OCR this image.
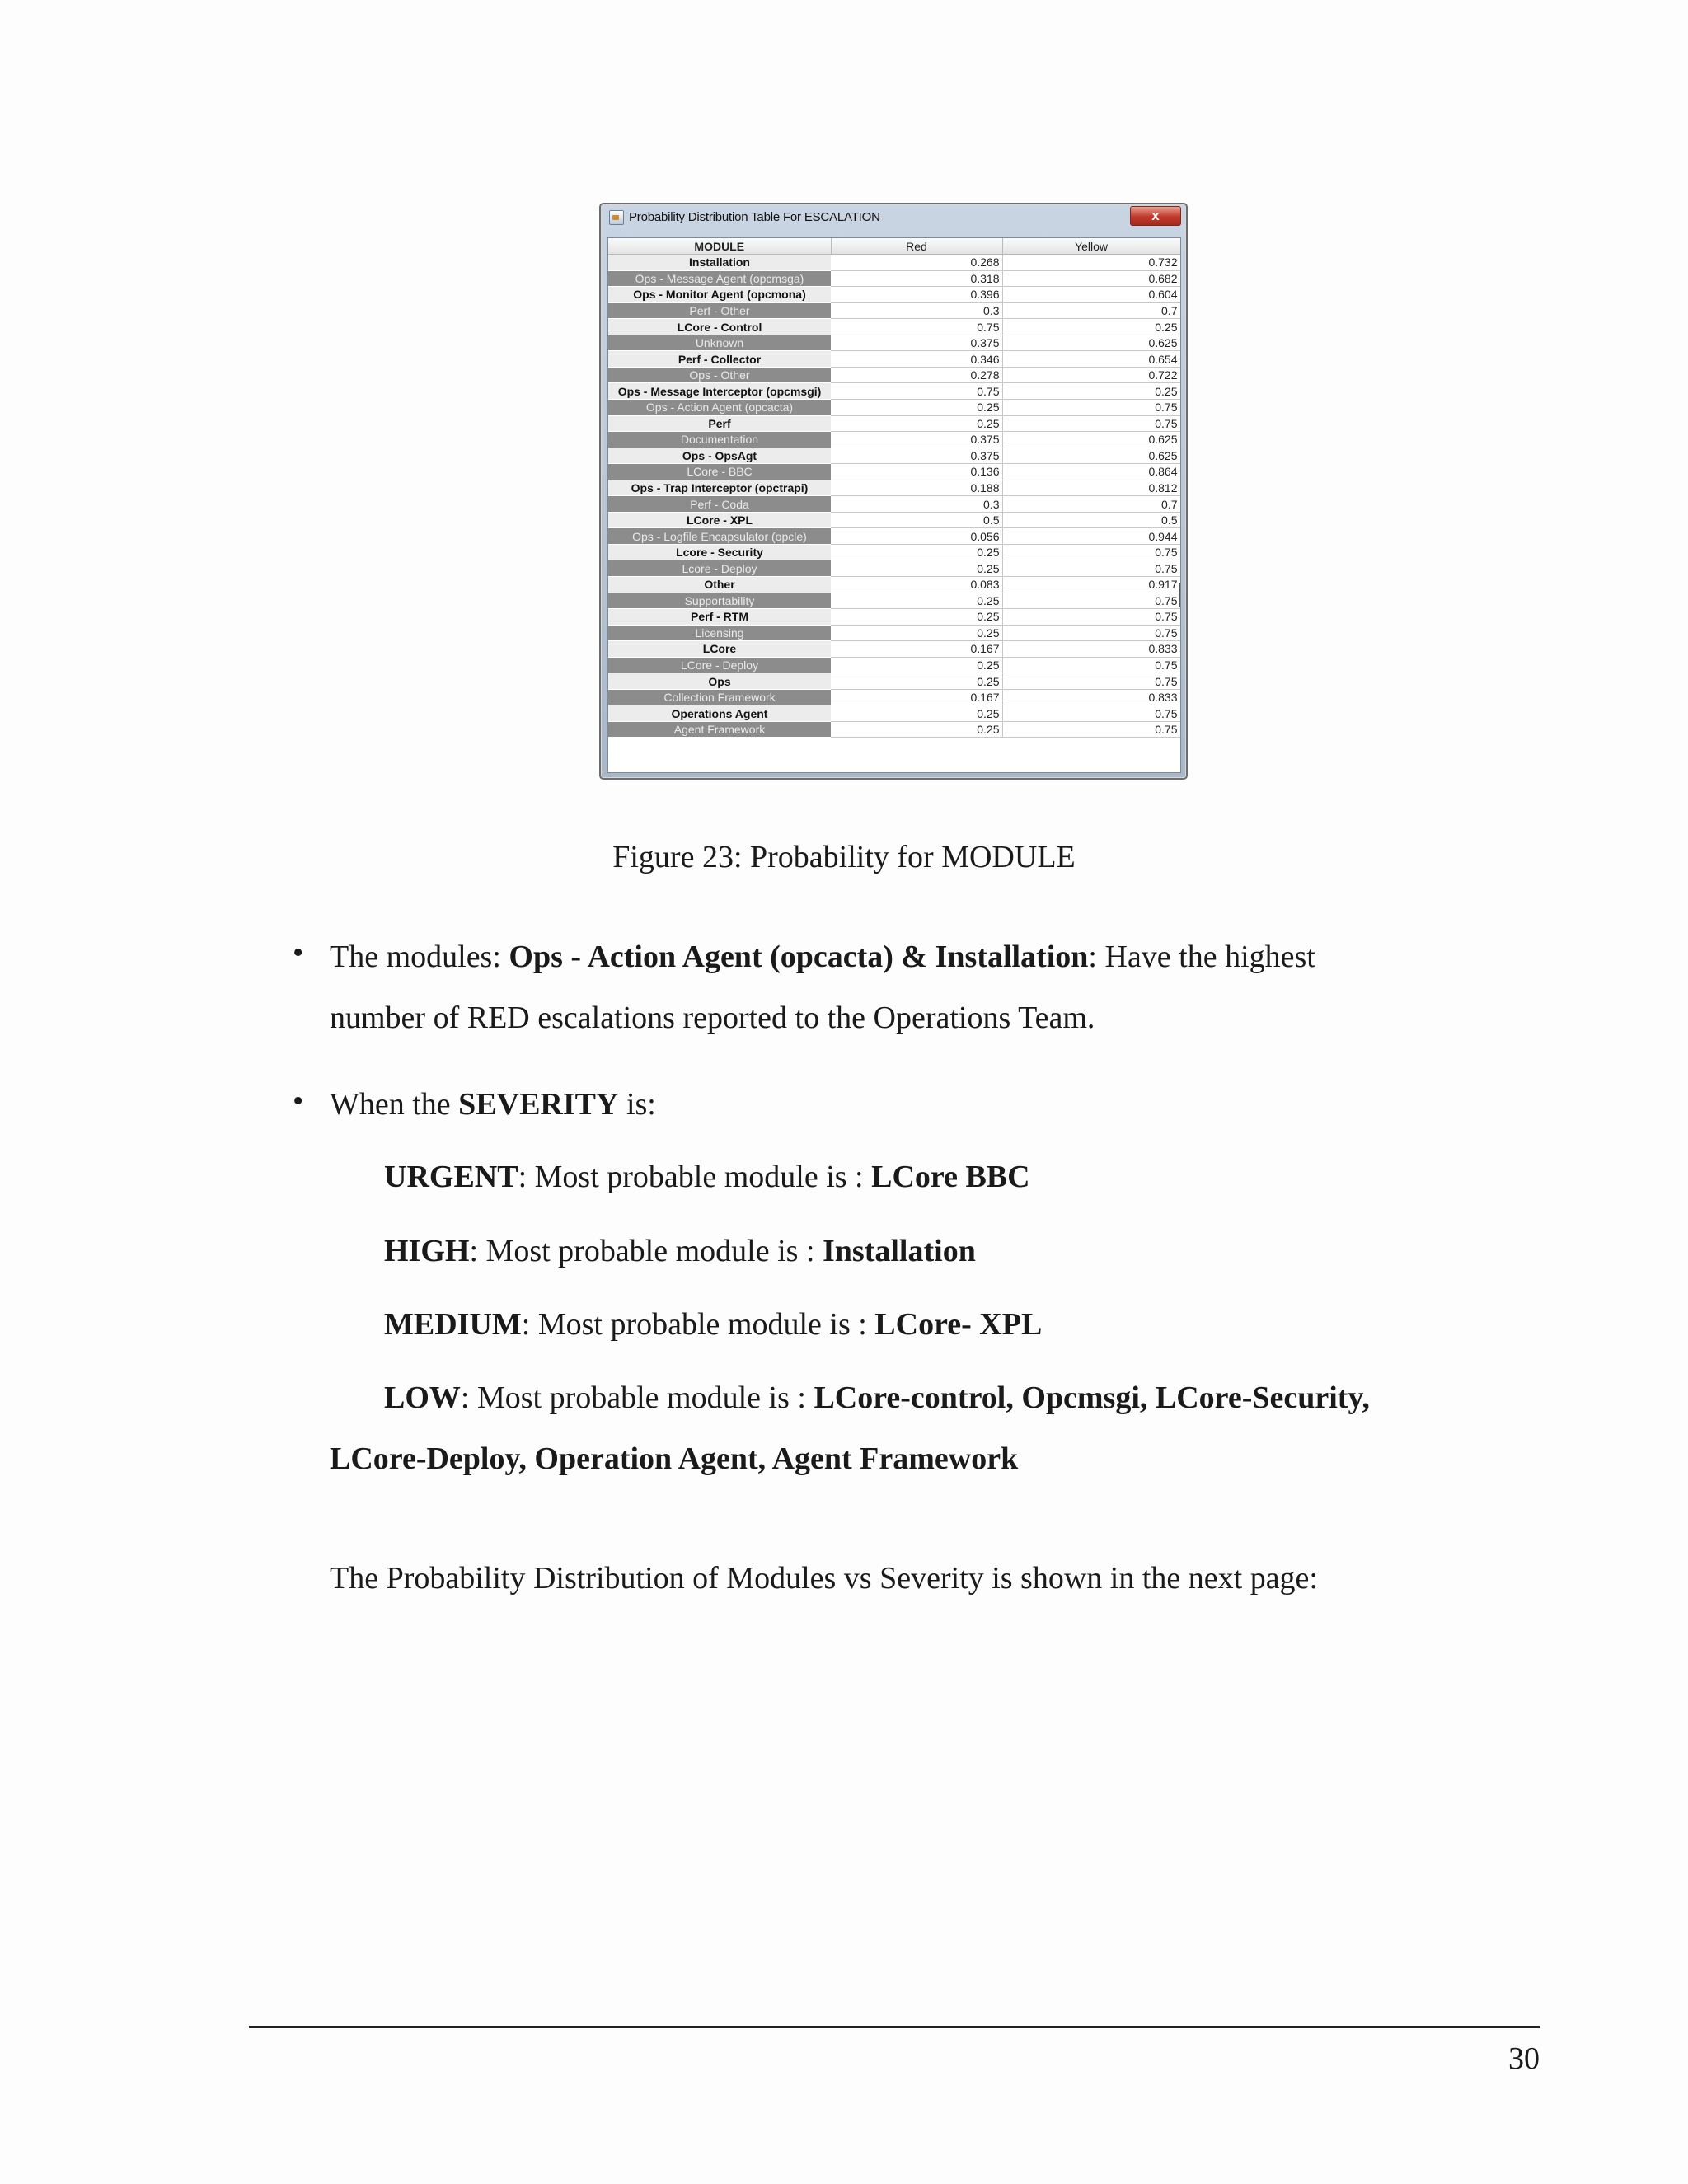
Probability Distribution Table For ESCALATION	x
MODULE	Red	Yellow
Installation	0.268	0.732
Ops - Message Agent (opcmsga)	0.318	0.682
Ops - Monitor Agent (opcmona)	0.396	0.604
Perf - Other	0.3	0.7
LCore - Control	0.75	0.25
Unknown	0.375	0.625
Perf - Collector	0.346	0.654
Ops - Other	0.278	0.722
Ops - Message Interceptor (opcmsgi)	0.75	0.25
Ops - Action Agent (opcacta)	0.25	0.75
Perf	0.25	0.75
Documentation	0.375	0.625
Ops - OpsAgt	0.375	0.625
LCore - BBC	0.136	0.864
Ops - Trap Interceptor (opctrapi)	0.188	0.812
Perf - Coda	0.3	0.7
LCore - XPL	0.5	0.5
Ops - Logfile Encapsulator (opcle)	0.056	0.944
Lcore - Security	0.25	0.75
Lcore - Deploy	0.25	0.75
Other	0.083	0.917
Supportability	0.25	0.75
Perf - RTM	0.25	0.75
Licensing	0.25	0.75
LCore	0.167	0.833
LCore - Deploy	0.25	0.75
Ops	0.25	0.75
Collection Framework	0.167	0.833
Operations Agent	0.25	0.75
Agent Framework	0.25	0.75
Figure 23: Probability for MODULE
• The modules: Ops - Action Agent (opcacta) & Installation: Have the highest
number of RED escalations reported to the Operations Team.
• When the SEVERITY is:
URGENT: Most probable module is : LCore BBC
HIGH: Most probable module is : Installation
MEDIUM: Most probable module is : LCore- XPL
LOW: Most probable module is : LCore-control, Opcmsgi, LCore-Security,
LCore-Deploy, Operation Agent, Agent Framework
The Probability Distribution of Modules vs Severity is shown in the next page:
30
